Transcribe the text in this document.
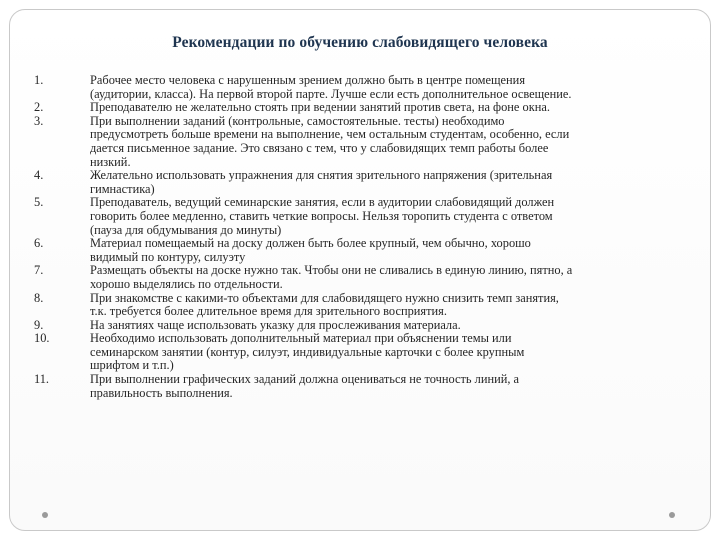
Рекомендации по обучению слабовидящего человека
1.	Рабочее место человека с нарушенным зрением должно быть в центре помещения
(аудитории, класса). На первой второй парте. Лучше если есть дополнительное освещение.
2.	Преподавателю не желательно стоять при ведении занятий против света, на фоне окна.
3.	При выполнении заданий (контрольные, самостоятельные. тесты) необходимо
предусмотреть больше времени на выполнение, чем остальным студентам, особенно, если
дается письменное задание. Это связано с тем, что у слабовидящих темп работы более
низкий.
4.	Желательно использовать упражнения для снятия зрительного напряжения (зрительная
гимнастика)
5.	Преподаватель, ведущий семинарские занятия, если в аудитории слабовидящий должен
говорить более медленно, ставить четкие вопросы. Нельзя торопить студента с ответом
(пауза для обдумывания до минуты)
6.	Материал помещаемый на доску должен быть более крупный, чем обычно, хорошо
видимый по контуру, силуэту
7.	Размещать объекты на доске нужно так. Чтобы они не сливались в единую линию, пятно, а
хорошо выделялись по отдельности.
8.	При знакомстве с какими-то объектами для слабовидящего нужно снизить темп занятия,
т.к. требуется более длительное время для зрительного восприятия.
9.	На занятиях чаще использовать указку для прослеживания материала.
10.	Необходимо использовать дополнительный материал при объяснении темы или
семинарском занятии (контур, силуэт, индивидуальные карточки с более крупным
шрифтом и т.п.)
11.	При выполнении графических заданий должна оцениваться не точность линий, а
правильность выполнения.
